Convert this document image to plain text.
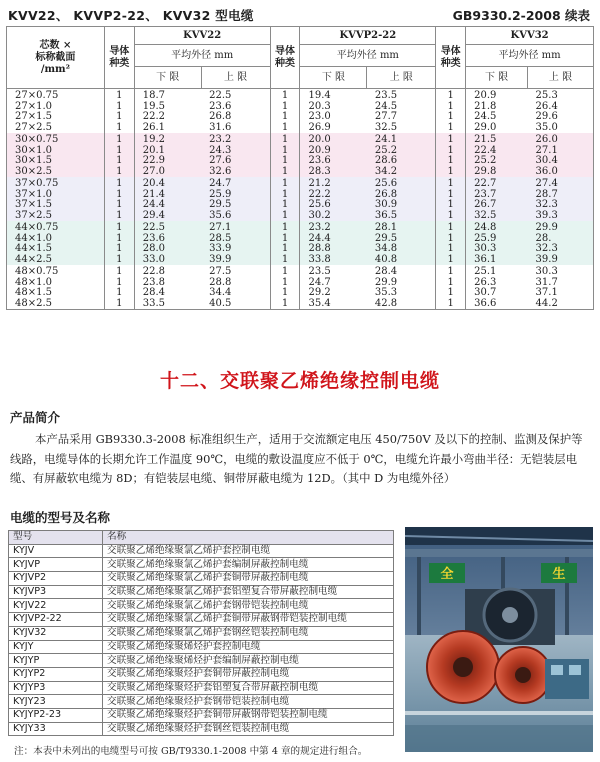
KVV22、 KVVP2-22、 KVV32 型电缆	GB9330.2-2008 续表
芯数 ×
标称截面
/mm²	导体种类	KVV22		导体种类	KVVP2-22		导体种类	KVV32	
		平均外径 mm			平均外径 mm			平均外径 mm	
		下 限	上 限		下 限	上 限		下 限	上 限
27×0.75	1	18.7	22.5	1	19.4	23.5	1	20.9	25.3
27×1.0	1	19.5	23.6	1	20.3	24.5	1	21.8	26.4
27×1.5	1	22.2	26.8	1	23.0	27.7	1	24.5	29.6
27×2.5	1	26.1	31.6	1	26.9	32.5	1	29.0	35.0
30×0.75	1	19.2	23.2	1	20.0	24.1	1	21.5	26.0
30×1.0	1	20.1	24.3	1	20.9	25.2	1	22.4	27.1
30×1.5	1	22.9	27.6	1	23.6	28.6	1	25.2	30.4
30×2.5	1	27.0	32.6	1	28.3	34.2	1	29.8	36.0
37×0.75	1	20.4	24.7	1	21.2	25.6	1	22.7	27.4
37×1.0	1	21.4	25.9	1	22.2	26.8	1	23.7	28.7
37×1.5	1	24.4	29.5	1	25.6	30.9	1	26.7	32.3
37×2.5	1	29.4	35.6	1	30.2	36.5	1	32.5	39.3
44×0.75	1	22.5	27.1	1	23.2	28.1	1	24.8	29.9
44×1.0	1	23.6	28.5	1	24.4	29.5	1	25.9	28.
44×1.5	1	28.0	33.9	1	28.8	34.8	1	30.3	32.3
44×2.5	1	33.0	39.9	1	33.8	40.8	1	36.1	39.9
48×0.75	1	22.8	27.5	1	23.5	28.4	1	25.1	30.3
48×1.0	1	23.8	28.8	1	24.7	29.9	1	26.3	31.7
48×1.5	1	28.4	34.4	1	29.2	35.3	1	30.7	37.1
48×2.5	1	33.5	40.5	1	35.4	42.8	1	36.6	44.2
十二、交联聚乙烯绝缘控制电缆
产品简介

本产品采用 GB9330.3-2008 标准组织生产，适用于交流额定电压 450/750V 及以下的控制、监测及保护等线路，电缆导体的长期允许工作温度 90℃，电缆的敷设温度应不低于 0℃，电缆允许最小弯曲半径：无铠装层电缆、有屏蔽软电缆为 8D；有铠装层电缆、铜带屏蔽电缆为 12D。（其中 D 为电缆外径）

电缆的型号及名称
型号	名称
KYJV	交联聚乙烯绝缘聚氯乙烯护套控制电缆
KYJVP	交联聚乙烯绝缘聚氯乙烯护套编制屏蔽控制电缆
KYJVP2	交联聚乙烯绝缘聚氯乙烯护套铜带屏蔽控制电缆
KYJVP3	交联聚乙烯绝缘聚氯乙烯护套铝塑复合带屏蔽控制电缆
KYJV22	交联聚乙烯绝缘聚氯乙烯护套钢带铠装控制电缆
KYJVP2-22	交联聚乙烯绝缘聚氯乙烯护套铜带屏蔽钢带铠装控制电缆
KYJV32	交联聚乙烯绝缘聚氯乙烯护套钢丝铠装控制电缆
KYJY	交联聚乙烯绝缘聚烯烃护套控制电缆
KYJYP	交联聚乙烯绝缘聚烯烃护套编制屏蔽控制电缆
KYJYP2	交联聚乙烯绝缘聚烃护套铜带屏蔽控制电缆
KYJYP3	交联聚乙烯绝缘聚烃护套铝塑复合带屏蔽控制电缆
KYJY23	交联聚乙烯绝缘聚烃护套钢带铠装控制电缆
KYJYP2-23	交联聚乙烯绝缘聚烃护套铜带屏蔽钢带铠装控制电缆
KYJY33	交联聚乙烯绝缘聚烃护套钢丝铠装控制电缆
注：本表中未列出的电缆型号可按 GB/T9330.1-2008 中第 4 章的规定进行组合。
全	生
